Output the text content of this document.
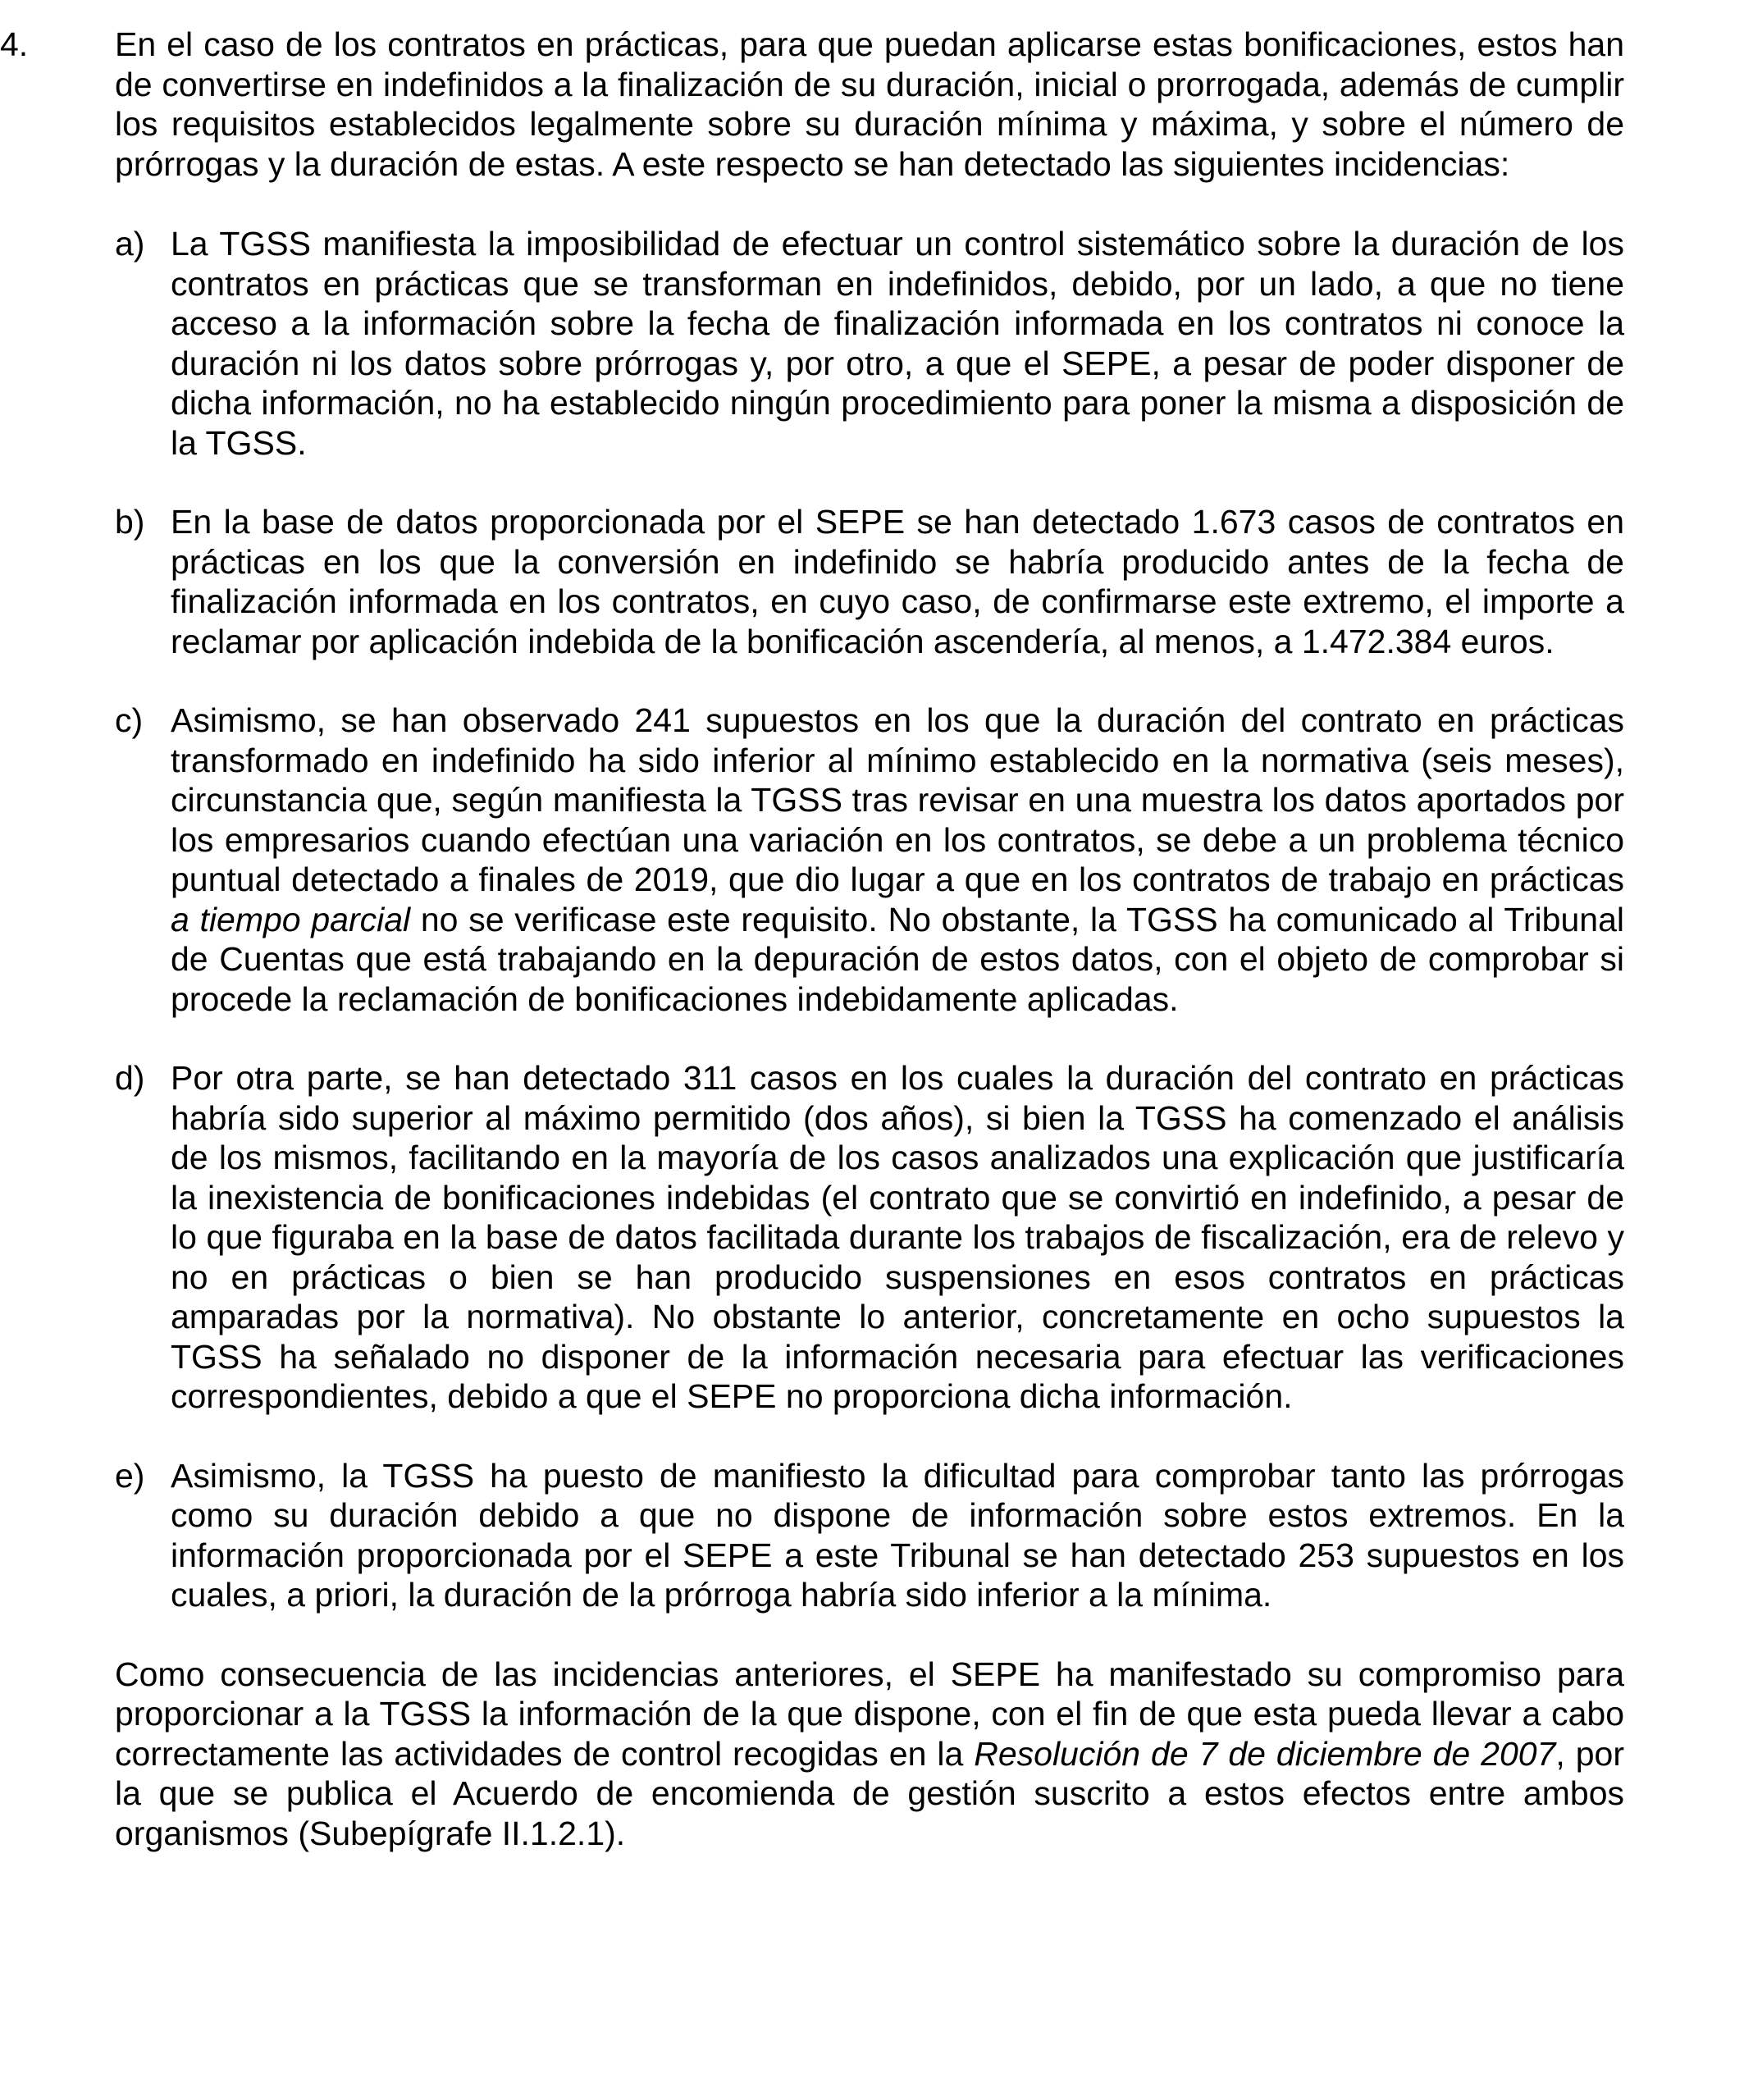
4.	En el caso de los contratos en prácticas, para que puedan aplicarse estas bonificaciones, estos han de convertirse en indefinidos a la finalización de su duración, inicial o prorrogada, además de cumplir los requisitos establecidos legalmente sobre su duración mínima y máxima, y sobre el número de prórrogas y la duración de estas. A este respecto se han detectado las siguientes incidencias:

a) La TGSS manifiesta la imposibilidad de efectuar un control sistemático sobre la duración de los contratos en prácticas que se transforman en indefinidos, debido, por un lado, a que no tiene acceso a la información sobre la fecha de finalización informada en los contratos ni conoce la duración ni los datos sobre prórrogas y, por otro, a que el SEPE, a pesar de poder disponer de dicha información, no ha establecido ningún procedimiento para poner la misma a disposición de la TGSS.

b) En la base de datos proporcionada por el SEPE se han detectado 1.673 casos de contratos en prácticas en los que la conversión en indefinido se habría producido antes de la fecha de finalización informada en los contratos, en cuyo caso, de confirmarse este extremo, el importe a reclamar por aplicación indebida de la bonificación ascendería, al menos, a 1.472.384 euros.

c) Asimismo, se han observado 241 supuestos en los que la duración del contrato en prácticas transformado en indefinido ha sido inferior al mínimo establecido en la normativa (seis meses), circunstancia que, según manifiesta la TGSS tras revisar en una muestra los datos aportados por los empresarios cuando efectúan una variación en los contratos, se debe a un problema técnico puntual detectado a finales de 2019, que dio lugar a que en los contratos de trabajo en prácticas a tiempo parcial no se verificase este requisito. No obstante, la TGSS ha comunicado al Tribunal de Cuentas que está trabajando en la depuración de estos datos, con el objeto de comprobar si procede la reclamación de bonificaciones indebidamente aplicadas.

d) Por otra parte, se han detectado 311 casos en los cuales la duración del contrato en prácticas habría sido superior al máximo permitido (dos años), si bien la TGSS ha comenzado el análisis de los mismos, facilitando en la mayoría de los casos analizados una explicación que justificaría la inexistencia de bonificaciones indebidas (el contrato que se convirtió en indefinido, a pesar de lo que figuraba en la base de datos facilitada durante los trabajos de fiscalización, era de relevo y no en prácticas o bien se han producido suspensiones en esos contratos en prácticas amparadas por la normativa). No obstante lo anterior, concretamente en ocho supuestos la TGSS ha señalado no disponer de la información necesaria para efectuar las verificaciones correspondientes, debido a que el SEPE no proporciona dicha información.

e) Asimismo, la TGSS ha puesto de manifiesto la dificultad para comprobar tanto las prórrogas como su duración debido a que no dispone de información sobre estos extremos. En la información proporcionada por el SEPE a este Tribunal se han detectado 253 supuestos en los cuales, a priori, la duración de la prórroga habría sido inferior a la mínima.

Como consecuencia de las incidencias anteriores, el SEPE ha manifestado su compromiso para proporcionar a la TGSS la información de la que dispone, con el fin de que esta pueda llevar a cabo correctamente las actividades de control recogidas en la Resolución de 7 de diciembre de 2007, por la que se publica el Acuerdo de encomienda de gestión suscrito a estos efectos entre ambos organismos (Subepígrafe II.1.2.1).
